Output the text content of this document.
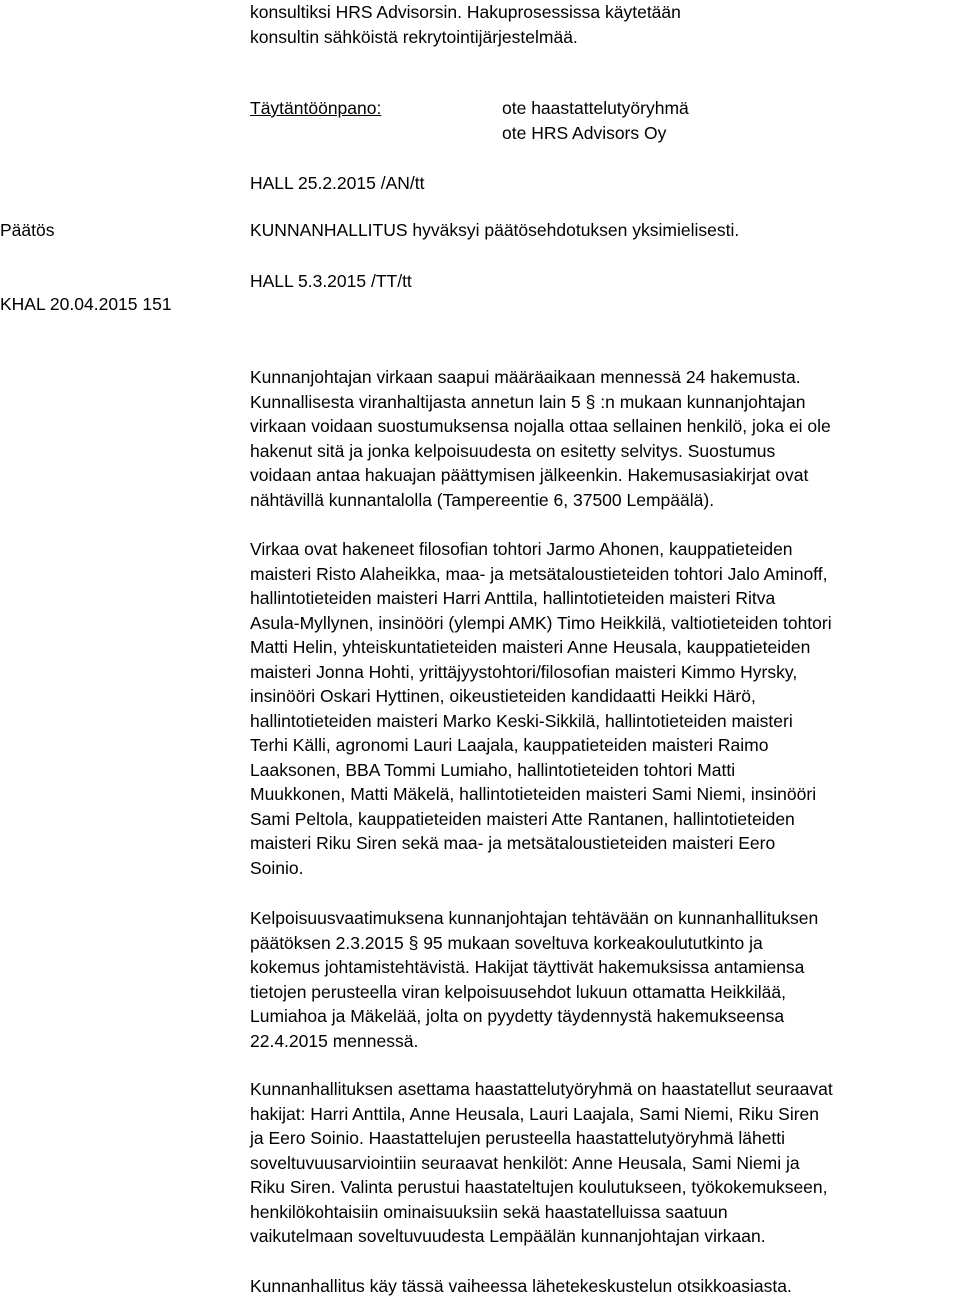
konsultiksi HRS Advisorsin. Hakuprosessissa käytetään
konsultin sähköistä rekrytointijärjestelmää.
Täytäntöönpano:	ote haastattelutyöryhmä
ote HRS Advisors Oy
HALL 25.2.2015 /AN/tt
Päätös	KUNNANHALLITUS hyväksyi päätösehdotuksen yksimielisesti.
KHAL 20.04.2015 151
HALL 5.3.2015 /TT/tt
Kunnanjohtajan virkaan saapui määräaikaan mennessä 24 hakemusta.
Kunnallisesta viranhaltijasta annetun lain 5 § :n mukaan kunnanjohtajan
virkaan voidaan suostumuksensa nojalla ottaa sellainen henkilö, joka ei ole
hakenut sitä ja jonka kelpoisuudesta on esitetty selvitys. Suostumus
voidaan antaa hakuajan päättymisen jälkeenkin. Hakemusasiakirjat ovat
nähtävillä kunnantalolla (Tampereentie 6, 37500 Lempäälä).
Virkaa ovat hakeneet filosofian tohtori Jarmo Ahonen, kauppatieteiden
maisteri Risto Alaheikka, maa- ja metsätaloustieteiden tohtori Jalo Aminoff,
hallintotieteiden maisteri Harri Anttila, hallintotieteiden maisteri Ritva
Asula-Myllynen, insinööri (ylempi AMK) Timo Heikkilä, valtiotieteiden tohtori
Matti Helin, yhteiskuntatieteiden maisteri Anne Heusala, kauppatieteiden
maisteri Jonna Hohti, yrittäjyystohtori/filosofian maisteri Kimmo Hyrsky,
insinööri Oskari Hyttinen, oikeustieteiden kandidaatti Heikki Härö,
hallintotieteiden maisteri Marko Keski-Sikkilä, hallintotieteiden maisteri
Terhi Källi, agronomi Lauri Laajala, kauppatieteiden maisteri Raimo
Laaksonen, BBA Tommi Lumiaho, hallintotieteiden tohtori Matti
Muukkonen, Matti Mäkelä, hallintotieteiden maisteri Sami Niemi, insinööri
Sami Peltola, kauppatieteiden maisteri Atte Rantanen, hallintotieteiden
maisteri Riku Siren sekä maa- ja metsätaloustieteiden maisteri Eero
Soinio.
Kelpoisuusvaatimuksena kunnanjohtajan tehtävään on kunnanhallituksen
päätöksen 2.3.2015 § 95 mukaan soveltuva korkeakoulututkinto ja
kokemus johtamistehtävistä. Hakijat täyttivät hakemuksissa antamiensa
tietojen perusteella viran kelpoisuusehdot lukuun ottamatta Heikkilää,
Lumiahoa ja Mäkelää, jolta on pyydetty täydennystä hakemukseensa
22.4.2015 mennessä.
Kunnanhallituksen asettama haastattelutyöryhmä on haastatellut seuraavat
hakijat: Harri Anttila, Anne Heusala, Lauri Laajala, Sami Niemi, Riku Siren
ja Eero Soinio. Haastattelujen perusteella haastattelutyöryhmä lähetti
soveltuvuusarviointiin seuraavat henkilöt: Anne Heusala, Sami Niemi ja
Riku Siren. Valinta perustui haastateltujen koulutukseen, työkokemukseen,
henkilökohtaisiin ominaisuuksiin sekä haastatelluissa saatuun
vaikutelmaan soveltuvuudesta Lempäälän kunnanjohtajan virkaan.
Kunnanhallitus käy tässä vaiheessa lähetekeskustelun otsikkoasiasta.
